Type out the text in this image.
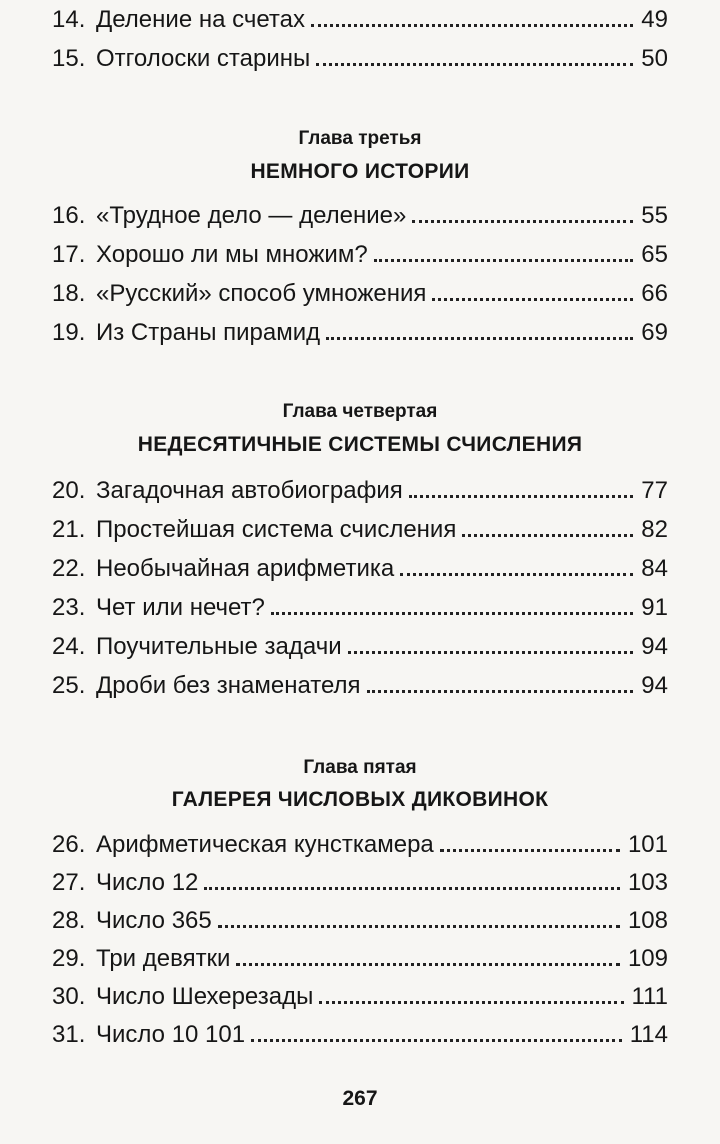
14. Деление на счетах	49
15. Отголоски старины	50
Глава третья
НЕМНОГО ИСТОРИИ
16. «Трудное дело — деление»	55
17. Хорошо ли мы множим?	65
18. «Русский» способ умножения	66
19. Из Страны пирамид	69
Глава четвертая
НЕДЕСЯТИЧНЫЕ СИСТЕМЫ СЧИСЛЕНИЯ
20. Загадочная автобиография	77
21. Простейшая система счисления	82
22. Необычайная арифметика	84
23. Чет или нечет?	91
24. Поучительные задачи	94
25. Дроби без знаменателя	94
Глава пятая
ГАЛЕРЕЯ ЧИСЛОВЫХ ДИКОВИНОК
26. Арифметическая кунсткамера	101
27. Число 12	103
28. Число 365	108
29. Три девятки	109
30. Число Шехерезады	111
31. Число 10 101	114
267
